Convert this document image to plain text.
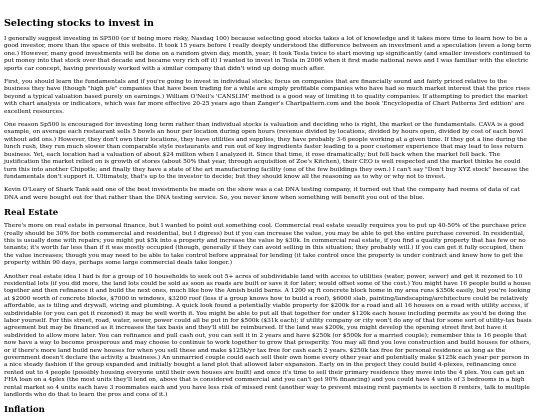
Selecting stocks to invest in

I generally suggest investing in SP500 (or if being more risky, Nasdaq 100) because selecting good stocks takes a lot of knowledge and it takes more time to learn how to be a good investor, more than the space of this website. It took 15 years before I really deeply understood the difference between an investment and a speculation (even a long term one.) However, many good investments will be done on a random given day, month, year; it took Tesla twice to start moving up significantly (and smaller investors continued to put money into that stock over that decade and became very rich off it) I wanted to invest in Tesla in 2006 when it first made national news and I was familiar with the electric sports car concept, having previously worked with a similar company that didn't wind up doing much after.

First, you should learn the fundamentals and if you're going to invest in individual stocks; focus on companies that are financially sound and fairly priced relative to the business they have (though "high p/e" companies that have been trading for a while are simply profitable companies who have had so much market interest that the price rises beyond a typical valuation based purely on earnings.) William O'Neil's 'CANSLIM' method is a good way of limiting it to quality companies. If attempting to predict the market with chart analysis or indicators, which was far more effective 20-25 years ago than Zanger's Chartpattern.com and the book 'Encyclopedia of Chart Patterns 3rd edition' are excellent resources.

One reason Sp500 is encouraged for investing long term rather than individual stocks is valuation and deciding who is right, the market or the fundamentals. CAVA is a good example, on average each restaurant sells 5 bowls an hour per location during open hours (revenue divided by locations, divided by hours open, divided by cost of each bowl without add ons.) However, they don't own their locations, they have utilities and supplies, they have probably 3-6 people working at a given time. If they got a line during the lunch rush, they run much slower than comparable style restaurants and run out of key ingredients faster leading to a poor customer experience that may lead to less return business. Yet, each location had a valuation of about $24 million when I analyzed it. Since that time, it rose dramatically; but fell back when the market fell back. The justification the market relied on is growth of stores (about 50% that year, through acquisition of Zoe's Kitchen), their CEO is well respected and the market thinks he could turn this into another Chipotle; and finally they have a state of the art manufacturing facility (one of the few buildings they own.) I can't say "Don't buy XYZ stock" because the fundamentals don't support it. Ultimately, that's up to the investor to decide; but they should know all the reasoning as to why or why not to invest.

Kevin O'Leary of Shark Tank said one of the best investments he made on the show was a cat DNA testing company, it turned out that the company had reems of data of cat DNA and were bought out for that rather than the DNA testing service. So, you never know when something will benefit you out of the blue.

Real Estate

There's more on real estate in personal finance, but I wanted to point out something cool. Commercial real estate usually requires you to put up 40-50% of the purchase price (really should be 30% for both commercial and residential, but I digress) but if you can increase the value, you may be able to get the entire purchase covered. In residential, this is usually done with repairs; you might put $5k into a property and increase the value by $30k. In commercial real estate, if you find a quality property that has few or no tenants; it's worth far less than if it was mostly occupied (though, generally if they can avoid selling in this situation; they probably will.) If you can get it fully occupied, then the value increases; though you may need to be able to take control before appraisal for lending (it take control once the property is under contract and knew how to get the property within 90 days, perhaps some large commercial deals take longer.)

Another real estate idea I had is for a group of 10 households to seek out 5+ acres of subdividable land with access to utilities (water, power, sewer) and get it rezoned to 10 residential lots (if you did more, the land lots could be sold as soon as roads are built or save it for later; would offset some of the cost.) You might have 16 people build a house together and then refinance it and build the next ones, much like how the Amish build barns. A 1200 sq ft concrete block home in my area runs $350k easily, but you're looking at $2000 worth of concrete blocks, $7000 in windows, $3200 roof (less if a group knows how to build a roof), $6000 slab, painting/landscaping/architecture could be relatively affordable, as is tiling and drywall, wiring and plumbing. A quick look found a potentially viable property for $200k for a road and all 16 houses on a road with utility access, if subdividable (or you can get it rezoned) it may be well worth it. You might be able to put all that together for under $120k each house including permits as you'd be doing the labor yourself. For this street, road, water, sewer, power could all be put in for $500k ($31k each); if utility company or city won't do any of that for some sort of utility-tax basis agreement but may be financed as it increases the tax basis and they'll still be reimbursed. If the land was $200k, you might develop the opening street first but have it subdivided to allow more later. You can refinance and pull cash out, you can sell it in 2 years and have $250k (or $500k for a married couple); remember this is 16 people that now have a way to become prosperous and may choose to continue to work together to grow that prosperity. You may all find you love construction and build houses for others, or if there's more land build new houses for when you sell these and make $125k/yr tax free for cash each 2 years. $250k tax free for personal residence as long as the government doesn't declare the activity a business.) An unmarried couple could each sell their own home every other year and potentially make $125k each year per person in a nice steady fashion if the group expanded and initially bought a land plot that allowed later expansion. Early on in the project they could build 4-plexes, refinancing once rented out to 4 people (possibly housing everyone until their own houses are built) and once it's time to sell their primary residence they move into the 4 plex. You can get an FHA loan on a 4plex (the most units they'll lend on, above that is considered commercial and you can't get 90% financing) and you could have 4 units of 3 bedrooms in a high rental market so 4 units each have 3 roommates each and you have less risk of missed rent (another way to prevent missing rent payments is section 8 renters, talk to multiple landlords who do that to learn the pros and cons of it.)

Inflation
